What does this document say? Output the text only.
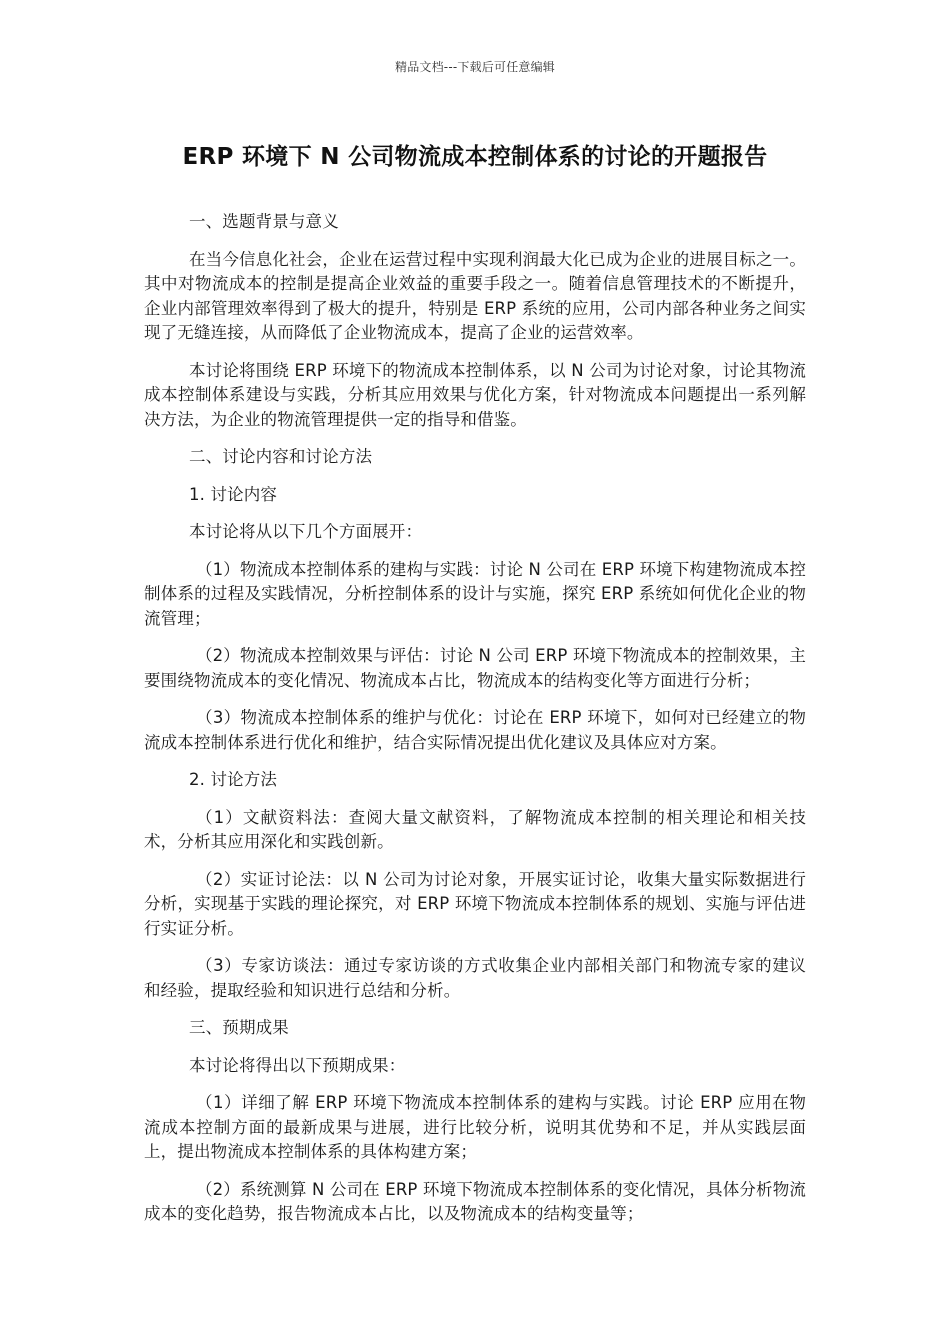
精品文档---下载后可任意编辑
ERP 环境下 N 公司物流成本控制体系的讨论的开题报告

一、选题背景与意义

在当今信息化社会，企业在运营过程中实现利润最大化已成为企业的进展目标之一。其中对物流成本的控制是提高企业效益的重要手段之一。随着信息管理技术的不断提升，企业内部管理效率得到了极大的提升，特别是 ERP 系统的应用，公司内部各种业务之间实现了无缝连接，从而降低了企业物流成本，提高了企业的运营效率。

本讨论将围绕 ERP 环境下的物流成本控制体系，以 N 公司为讨论对象，讨论其物流成本控制体系建设与实践，分析其应用效果与优化方案，针对物流成本问题提出一系列解决方法，为企业的物流管理提供一定的指导和借鉴。

二、讨论内容和讨论方法

1. 讨论内容

本讨论将从以下几个方面展开：

（1）物流成本控制体系的建构与实践：讨论 N 公司在 ERP 环境下构建物流成本控制体系的过程及实践情况，分析控制体系的设计与实施，探究 ERP 系统如何优化企业的物流管理；

（2）物流成本控制效果与评估：讨论 N 公司 ERP 环境下物流成本的控制效果，主要围绕物流成本的变化情况、物流成本占比，物流成本的结构变化等方面进行分析；

（3）物流成本控制体系的维护与优化：讨论在 ERP 环境下，如何对已经建立的物流成本控制体系进行优化和维护，结合实际情况提出优化建议及具体应对方案。

2. 讨论方法

（1）文献资料法：查阅大量文献资料，了解物流成本控制的相关理论和相关技术，分析其应用深化和实践创新。

（2）实证讨论法：以 N 公司为讨论对象，开展实证讨论，收集大量实际数据进行分析，实现基于实践的理论探究，对 ERP 环境下物流成本控制体系的规划、实施与评估进行实证分析。

（3）专家访谈法：通过专家访谈的方式收集企业内部相关部门和物流专家的建议和经验，提取经验和知识进行总结和分析。

三、预期成果

本讨论将得出以下预期成果：

（1）详细了解 ERP 环境下物流成本控制体系的建构与实践。讨论 ERP 应用在物流成本控制方面的最新成果与进展，进行比较分析，说明其优势和不足，并从实践层面上，提出物流成本控制体系的具体构建方案；

（2）系统测算 N 公司在 ERP 环境下物流成本控制体系的变化情况，具体分析物流成本的变化趋势，报告物流成本占比，以及物流成本的结构变量等；
